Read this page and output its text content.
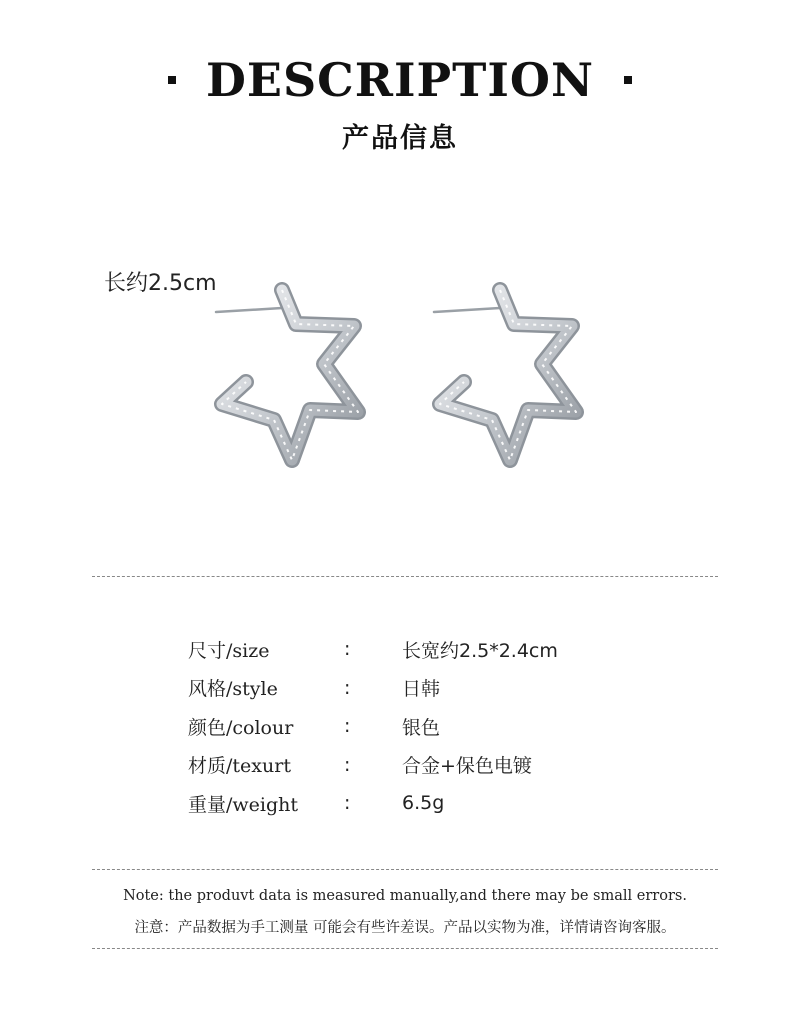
DESCRIPTION
产品信息
长约2.5cm
尺寸/size	:	长宽约2.5*2.4cm
风格/style	:	日韩
颜色/colour	:	银色
材质/texurt	:	合金+保色电镀
重量/weight	:	6.5g
Note: the produvt data is measured manually,and there may be small errors.
注意：产品数据为手工测量 可能会有些许差误。产品以实物为准，详情请咨询客服。
